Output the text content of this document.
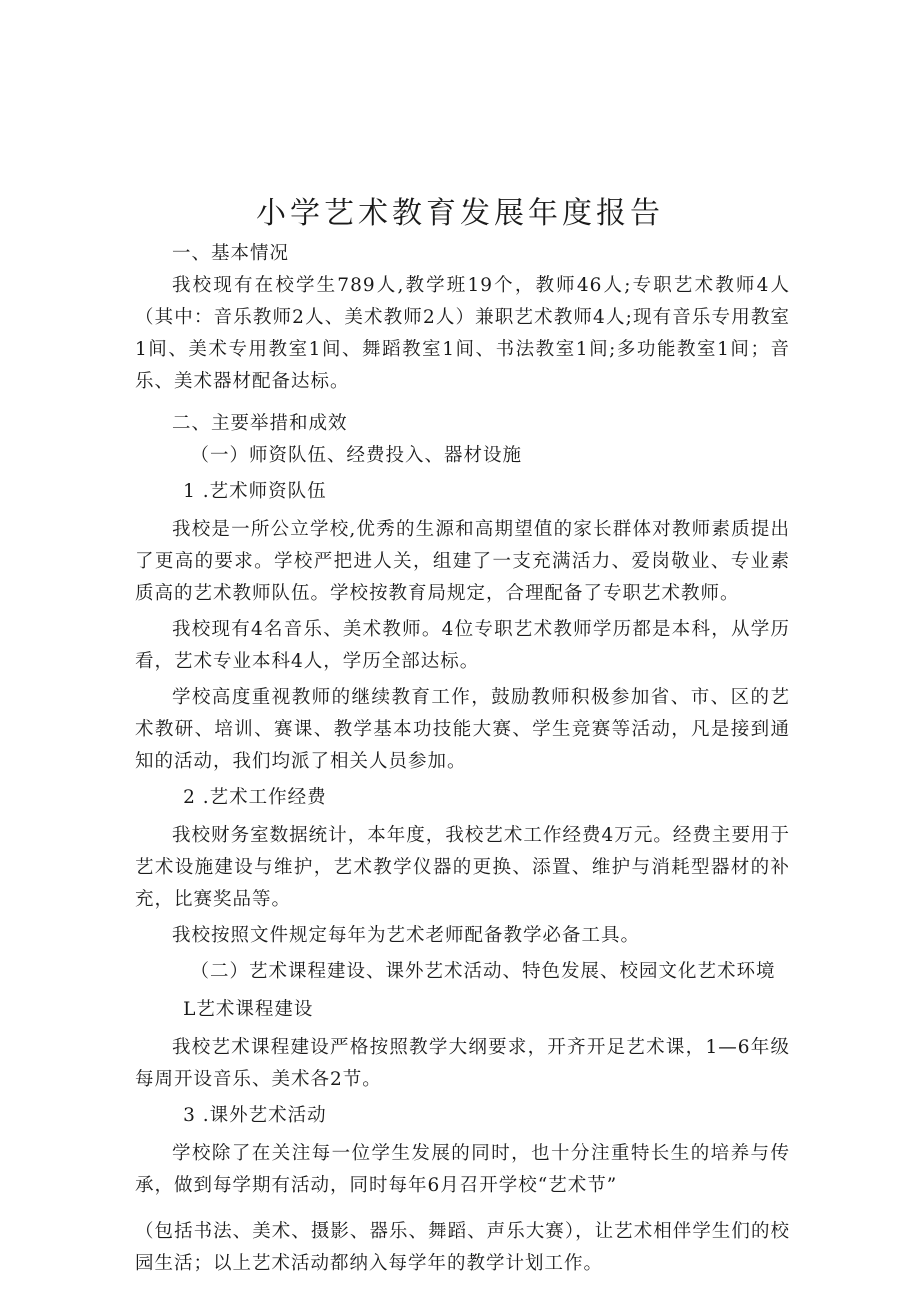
小学艺术教育发展年度报告

一、基本情况

我校现有在校学生789人,教学班19个，教师46人;专职艺术教师4人（其中：音乐教师2人、美术教师2人）兼职艺术教师4人;现有音乐专用教室1间、美术专用教室1间、舞蹈教室1间、书法教室1间;多功能教室1间；音乐、美术器材配备达标。

二、主要举措和成效

（一）师资队伍、经费投入、器材设施

1 .艺术师资队伍

我校是一所公立学校,优秀的生源和高期望值的家长群体对教师素质提出了更高的要求。学校严把进人关，组建了一支充满活力、爱岗敬业、专业素质高的艺术教师队伍。学校按教育局规定，合理配备了专职艺术教师。

我校现有4名音乐、美术教师。4位专职艺术教师学历都是本科，从学历看，艺术专业本科4人，学历全部达标。

学校高度重视教师的继续教育工作，鼓励教师积极参加省、市、区的艺术教研、培训、赛课、教学基本功技能大赛、学生竞赛等活动，凡是接到通知的活动，我们均派了相关人员参加。

2 .艺术工作经费

我校财务室数据统计，本年度，我校艺术工作经费4万元。经费主要用于艺术设施建设与维护，艺术教学仪器的更换、添置、维护与消耗型器材的补充，比赛奖品等。

我校按照文件规定每年为艺术老师配备教学必备工具。

（二）艺术课程建设、课外艺术活动、特色发展、校园文化艺术环境

L艺术课程建设

我校艺术课程建设严格按照教学大纲要求，开齐开足艺术课，1—6年级每周开设音乐、美术各2节。

3 .课外艺术活动

学校除了在关注每一位学生发展的同时，也十分注重特长生的培养与传承，做到每学期有活动，同时每年6月召开学校“艺术节”

（包括书法、美术、摄影、器乐、舞蹈、声乐大赛），让艺术相伴学生们的校园生活；以上艺术活动都纳入每学年的教学计划工作。
